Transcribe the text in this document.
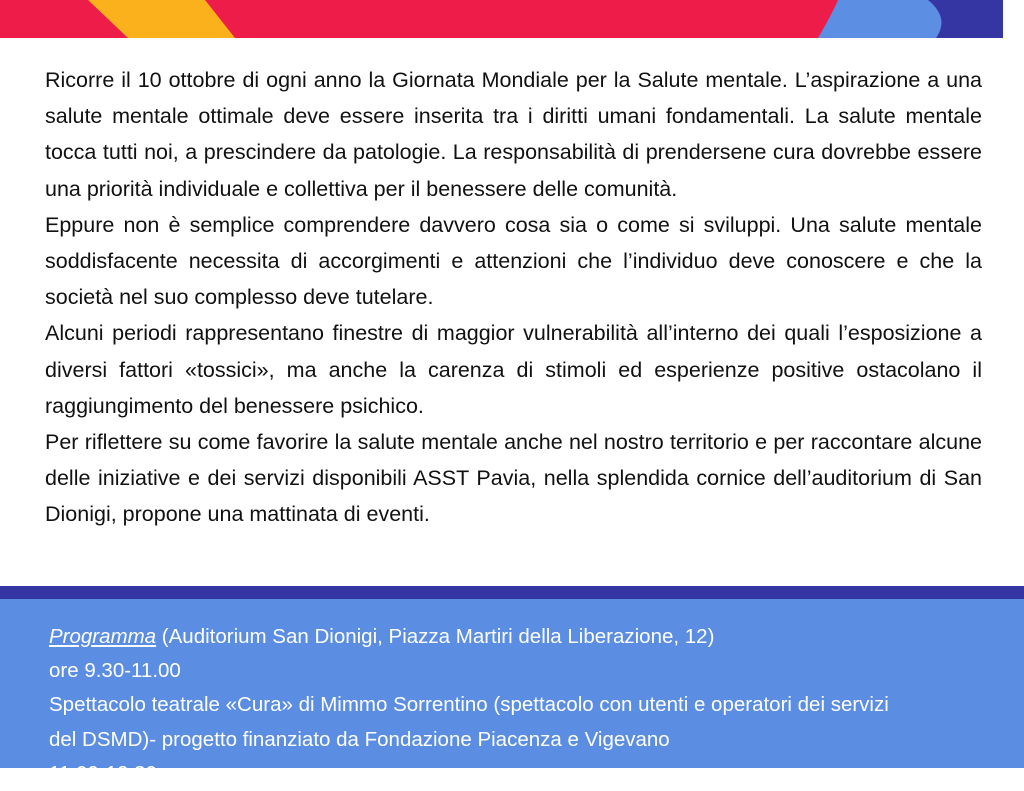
Ricorre il 10 ottobre di ogni anno la Giornata Mondiale per la Salute mentale. L’aspirazione a una salute mentale ottimale deve essere inserita tra i diritti umani fondamentali. La salute mentale tocca tutti noi, a prescindere da patologie. La responsabilità di prendersene cura dovrebbe essere una priorità individuale e collettiva per il benessere delle comunità.

Eppure non è semplice comprendere davvero cosa sia o come si sviluppi. Una salute mentale soddisfacente necessita di accorgimenti e attenzioni che l’individuo deve conoscere e che la società nel suo complesso deve tutelare.

Alcuni periodi rappresentano finestre di maggior vulnerabilità all’interno dei quali l’esposizione a diversi fattori «tossici», ma anche la carenza di stimoli ed esperienze positive ostacolano il raggiungimento del benessere psichico.

Per riflettere su come favorire la salute mentale anche nel nostro territorio e per raccontare alcune delle iniziative e dei servizi disponibili ASST Pavia, nella splendida cornice dell’auditorium di San Dionigi, propone una mattinata di eventi.

Programma (Auditorium San Dionigi, Piazza Martiri della Liberazione, 12)
ore 9.30-11.00
Spettacolo teatrale «Cura» di Mimmo Sorrentino (spettacolo con utenti e operatori dei servizi
del DSMD)- progetto finanziato da Fondazione Piacenza e Vigevano
11.00-12.30
